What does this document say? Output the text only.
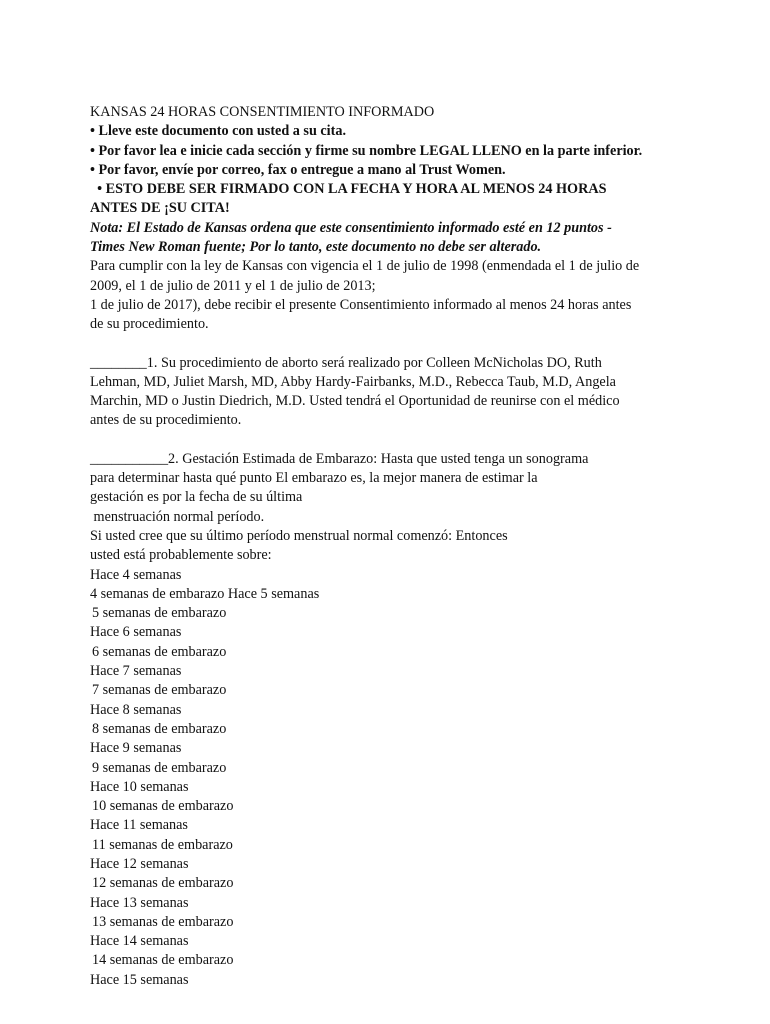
KANSAS 24 HORAS CONSENTIMIENTO INFORMADO
• Lleve este documento con usted a su cita.
• Por favor lea e inicie cada sección y firme su nombre LEGAL LLENO en la parte inferior.
• Por favor, envíe por correo, fax o entregue a mano al Trust Women.
• ESTO DEBE SER FIRMADO CON LA FECHA Y HORA AL MENOS 24 HORAS
ANTES DE ¡SU CITA!
Nota: El Estado de Kansas ordena que este consentimiento informado esté en 12 puntos -
Times New Roman fuente; Por lo tanto, este documento no debe ser alterado.
Para cumplir con la ley de Kansas con vigencia el 1 de julio de 1998 (enmendada el 1 de julio de
2009, el 1 de julio de 2011 y el 1 de julio de 2013;
1 de julio de 2017), debe recibir el presente Consentimiento informado al menos 24 horas antes
de su procedimiento.
________1. Su procedimiento de aborto será realizado por Colleen McNicholas DO, Ruth
Lehman, MD, Juliet Marsh, MD, Abby Hardy-Fairbanks, M.D., Rebecca Taub, M.D, Angela
Marchin, MD o Justin Diedrich, M.D. Usted tendrá el Oportunidad de reunirse con el médico
antes de su procedimiento.
___________2. Gestación Estimada de Embarazo: Hasta que usted tenga un sonograma
para determinar hasta qué punto El embarazo es, la mejor manera de estimar la
gestación es por la fecha de su última
menstruación normal período.
Si usted cree que su último período menstrual normal comenzó: Entonces
usted está probablemente sobre:
Hace 4 semanas
4 semanas de embarazo Hace 5 semanas
5 semanas de embarazo
Hace 6 semanas
6 semanas de embarazo
Hace 7 semanas
7 semanas de embarazo
Hace 8 semanas
8 semanas de embarazo
Hace 9 semanas
9 semanas de embarazo
Hace 10 semanas
10 semanas de embarazo
Hace 11 semanas
11 semanas de embarazo
Hace 12 semanas
12 semanas de embarazo
Hace 13 semanas
13 semanas de embarazo
Hace 14 semanas
14 semanas de embarazo
Hace 15 semanas
